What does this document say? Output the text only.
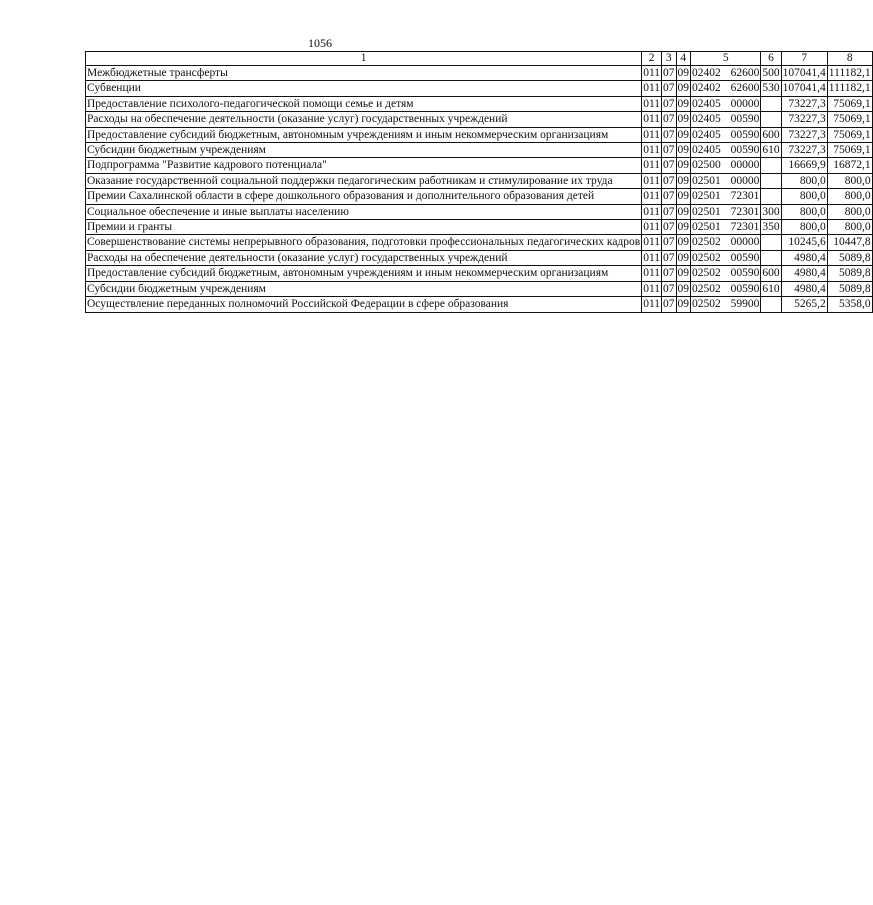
1056
1	2	3	4	5	6	7	8
Межбюджетные трансферты	011	07	09	02402 62600	500	107041,4	111182,1
Субвенции	011	07	09	02402 62600	530	107041,4	111182,1
Предоставление психолого-педагогической помощи семье и детям	011	07	09	02405 00000		73227,3	75069,1
Расходы на обеспечение деятельности (оказание услуг) государственных учреждений	011	07	09	02405 00590		73227,3	75069,1
Предоставление субсидий бюджетным, автономным учреждениям и иным некоммерческим организациям	011	07	09	02405 00590	600	73227,3	75069,1
Субсидии бюджетным учреждениям	011	07	09	02405 00590	610	73227,3	75069,1
Подпрограмма "Развитие кадрового потенциала"	011	07	09	02500 00000		16669,9	16872,1
Оказание государственной социальной поддержки педагогическим работникам и стимулирование их труда	011	07	09	02501 00000		800,0	800,0
Премии Сахалинской области в сфере дошкольного образования и дополнительного образования детей	011	07	09	02501 72301		800,0	800,0
Социальное обеспечение и иные выплаты населению	011	07	09	02501 72301	300	800,0	800,0
Премии и гранты	011	07	09	02501 72301	350	800,0	800,0
Совершенствование системы непрерывного образования, подготовки профессиональных педагогических кадров	011	07	09	02502 00000		10245,6	10447,8
Расходы на обеспечение деятельности (оказание услуг) государственных учреждений	011	07	09	02502 00590		4980,4	5089,8
Предоставление субсидий бюджетным, автономным учреждениям и иным некоммерческим организациям	011	07	09	02502 00590	600	4980,4	5089,8
Субсидии бюджетным учреждениям	011	07	09	02502 00590	610	4980,4	5089,8
Осуществление переданных полномочий Российской Федерации в сфере образования	011	07	09	02502 59900		5265,2	5358,0
